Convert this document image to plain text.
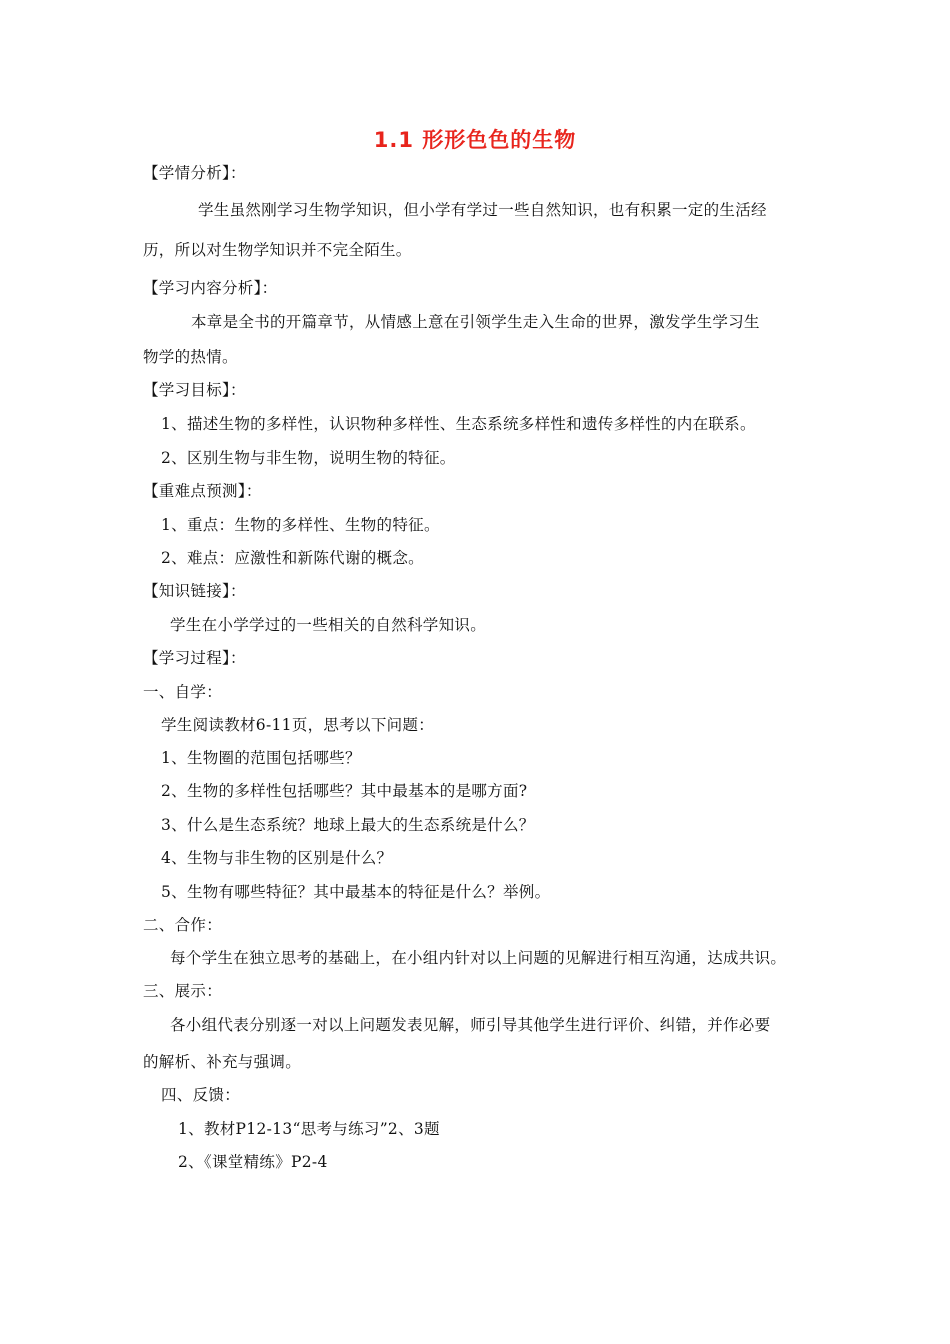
1.1 形形色色的生物
【学情分析】：
学生虽然刚学习生物学知识，但小学有学过一些自然知识，也有积累一定的生活经
历，所以对生物学知识并不完全陌生。
【学习内容分析】：
本章是全书的开篇章节，从情感上意在引领学生走入生命的世界，激发学生学习生
物学的热情。
【学习目标】：
1、描述生物的多样性，认识物种多样性、生态系统多样性和遗传多样性的内在联系。
2、区别生物与非生物，说明生物的特征。
【重难点预测】：
1、重点：生物的多样性、生物的特征。
2、难点：应激性和新陈代谢的概念。
【知识链接】：
学生在小学学过的一些相关的自然科学知识。
【学习过程】：
一、自学：
学生阅读教材6-11页，思考以下问题：
1、生物圈的范围包括哪些？
2、生物的多样性包括哪些？其中最基本的是哪方面?
3、什么是生态系统？地球上最大的生态系统是什么？
4、生物与非生物的区别是什么？
5、生物有哪些特征？其中最基本的特征是什么？举例。
二、合作：
每个学生在独立思考的基础上，在小组内针对以上问题的见解进行相互沟通，达成共识。
三、展示：
各小组代表分别逐一对以上问题发表见解，师引导其他学生进行评价、纠错，并作必要
的解析、补充与强调。
四、反馈：
1、教材P12-13“思考与练习”2、3题
2、《课堂精练》P2-4
